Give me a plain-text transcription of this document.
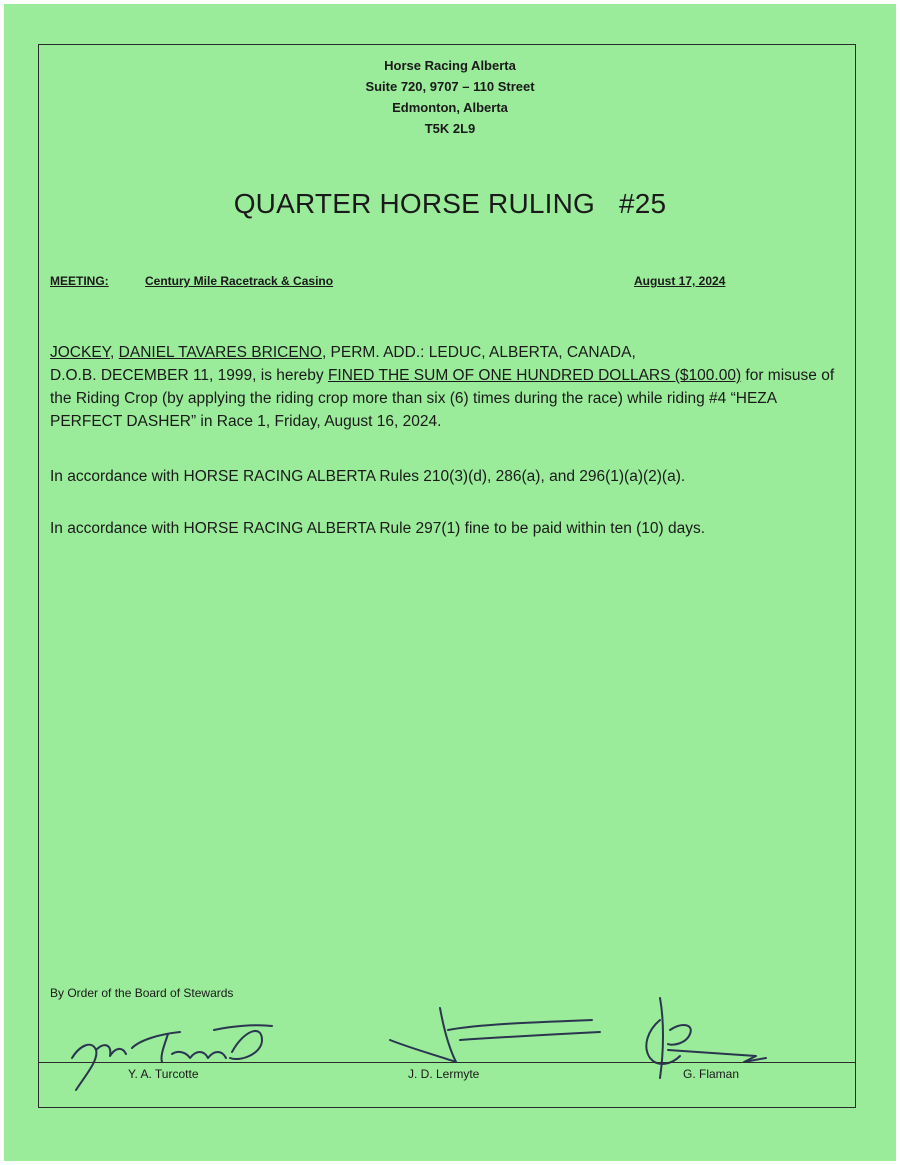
Horse Racing Alberta
Suite 720, 9707 – 110 Street
Edmonton, Alberta
T5K 2L9
QUARTER HORSE RULING   #25
MEETING:	Century Mile Racetrack & Casino	August 17, 2024
JOCKEY, DANIEL TAVARES BRICENO, PERM. ADD.: LEDUC, ALBERTA, CANADA,
D.O.B. DECEMBER 11, 1999, is hereby FINED THE SUM OF ONE HUNDRED DOLLARS ($100.00) for misuse of the Riding Crop (by applying the riding crop more than six (6) times during the race) while riding #4 “HEZA PERFECT DASHER” in Race 1, Friday, August 16, 2024.
In accordance with HORSE RACING ALBERTA Rules 210(3)(d), 286(a), and 296(1)(a)(2)(a).
In accordance with HORSE RACING ALBERTA Rule 297(1) fine to be paid within ten (10) days.
By Order of the Board of Stewards
Y. A. Turcotte	J. D. Lermyte	G. Flaman
